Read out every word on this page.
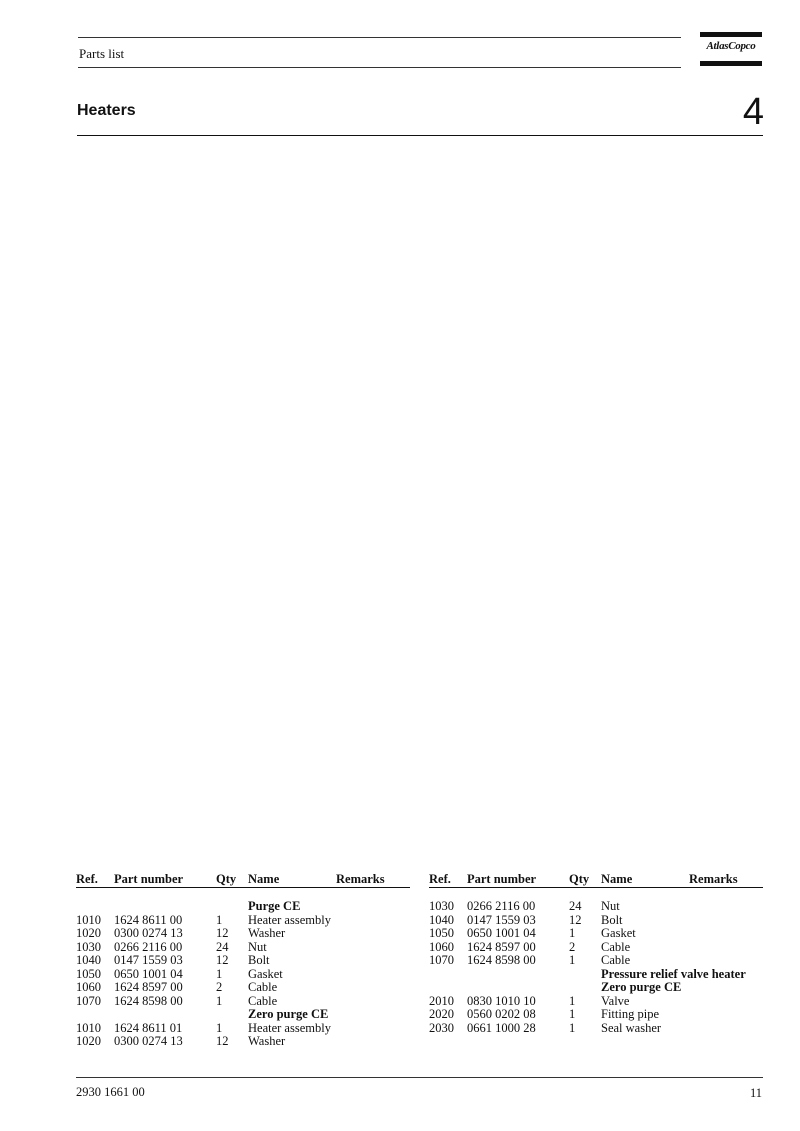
Parts list	AtlasCopco
Heaters	4
Ref. Part number	Qty Name	Remarks
Purge CE
1010 1624 8611 00	1 Heater assembly
1020 0300 0274 13	12 Washer
1030 0266 2116 00	24 Nut
1040 0147 1559 03	12 Bolt
1050 0650 1001 04	1 Gasket
1060 1624 8597 00	2 Cable
1070 1624 8598 00	1 Cable
Zero purge CE
1010 1624 8611 01	1 Heater assembly
1020 0300 0274 13	12 Washer
Ref. Part number	Qty Name	Remarks
1030 0266 2116 00	24 Nut
1040 0147 1559 03	12 Bolt
1050 0650 1001 04	1 Gasket
1060 1624 8597 00	2 Cable
1070 1624 8598 00	1 Cable
Pressure relief valve heater
Zero purge CE
2010 0830 1010 10	1 Valve
2020 0560 0202 08	1 Fitting pipe
2030 0661 1000 28	1 Seal washer
2930 1661 00	11
